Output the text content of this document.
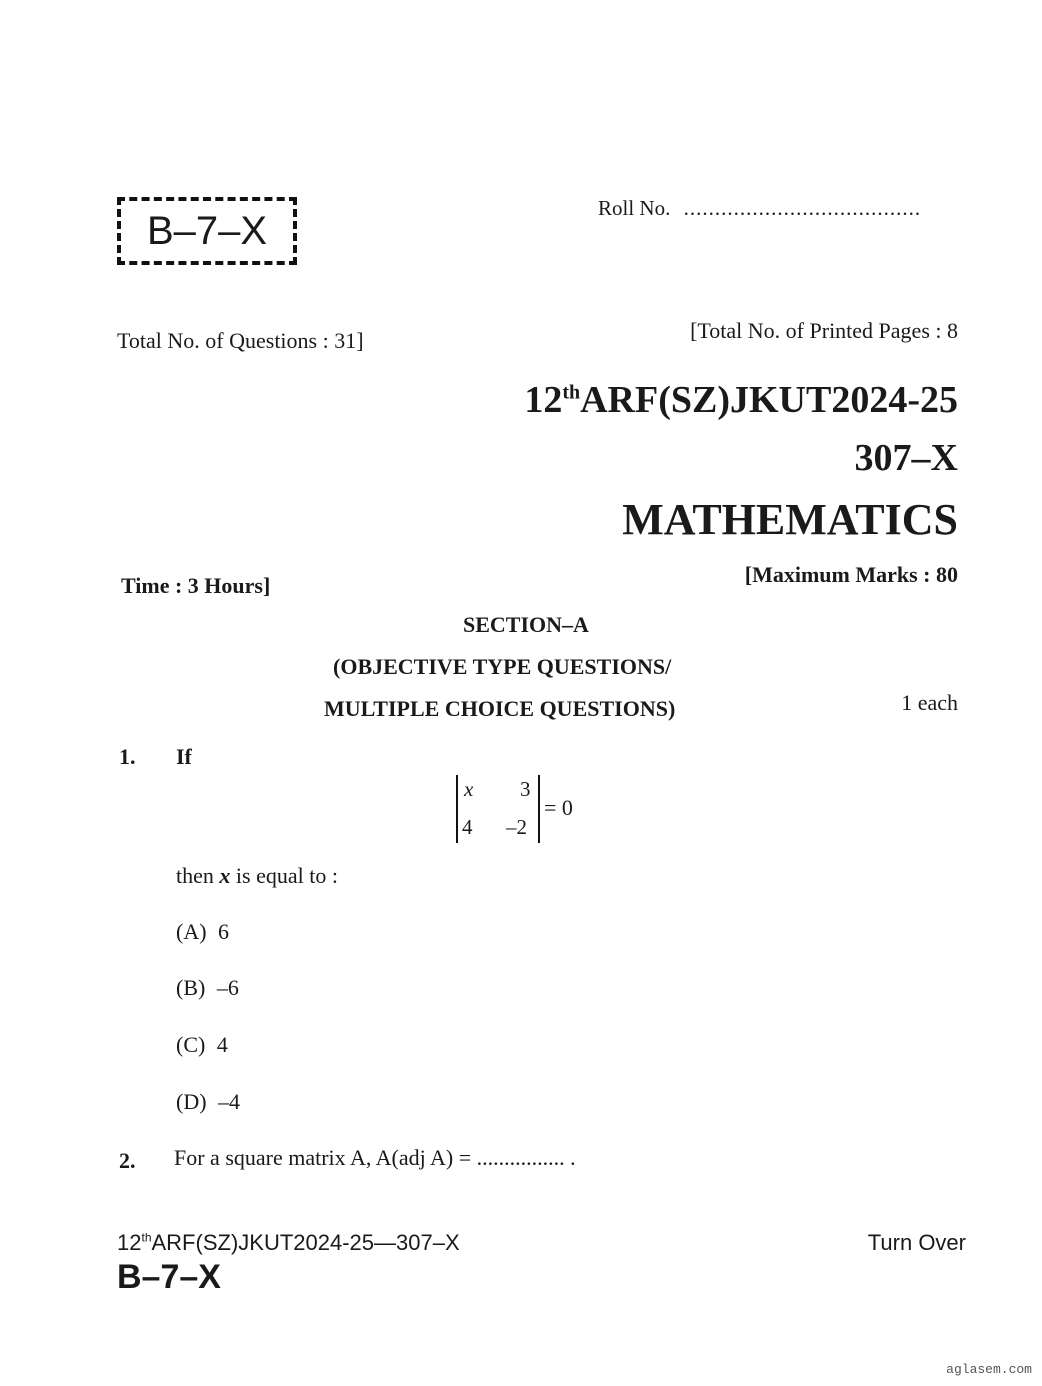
B–7–X
Roll No. ......................................
Total No. of Questions : 31]	[Total No. of Printed Pages : 8
12thARF(SZ)JKUT2024-25
307–X
MATHEMATICS
Time : 3 Hours]	[Maximum Marks : 80
SECTION–A
(OBJECTIVE TYPE QUESTIONS/
MULTIPLE CHOICE QUESTIONS)	1 each
1. If
x 3
4 –2
= 0
then x is equal to :
(A) 6
(B) –6
(C) 4
(D) –4
2. For a square matrix A, A(adj A) = ................ .
12thARF(SZ)JKUT2024-25—307–X
B–7–X
Turn Over
aglasem.com
